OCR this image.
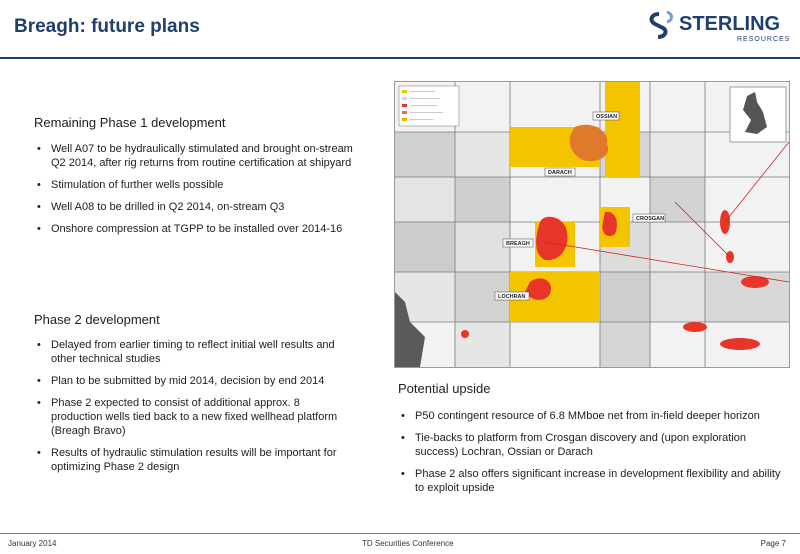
Breagh: future plans	STERLING
RESOURCES
Remaining Phase 1 development
• Well A07 to be hydraulically stimulated and brought on-stream Q2 2014, after rig returns from routine certification at shipyard
• Stimulation of further wells possible
• Well A08 to be drilled in Q2 2014, on-stream Q3
• Onshore compression at TGPP to be installed over 2014-16
Phase 2 development
• Delayed from earlier timing to reflect initial well results and other technical studies
• Plan to be submitted by mid 2014, decision by end 2014
• Phase 2 expected to consist of additional approx. 8 production wells tied back to a new fixed wellhead platform (Breagh Bravo)
• Results of hydraulic stimulation results will be important for optimizing Phase 2 design
OSSIAN
DARACH
CROSGAN
BREAGH
LOCHRAN
Potential upside
• P50 contingent resource of 6.8 MMboe net from in-field deeper horizon
• Tie-backs to platform from Crosgan discovery and (upon exploration success) Lochran, Ossian or Darach
• Phase 2 also offers significant increase in development flexibility and ability to exploit upside
January 2014	TD Securities Conference	Page 7
